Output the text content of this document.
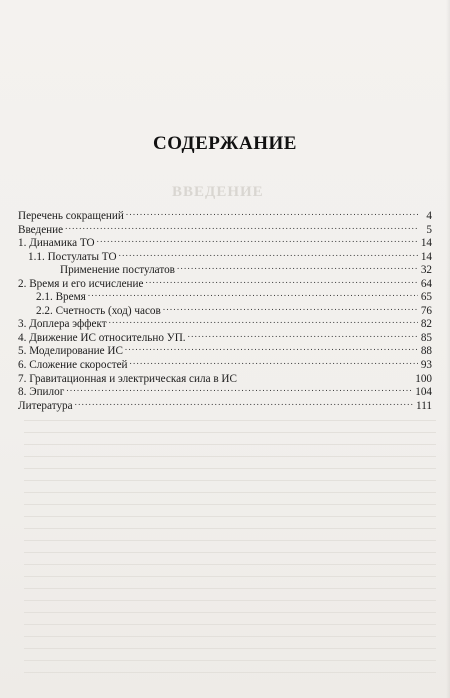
ВВЕДЕНИЕ
СОДЕРЖАНИЕ
Перечень сокращений . . .	4
Введение . . .	5
1. Динамика ТО . . .	14
1.1. Постулаты ТО . . .	14
Применение постулатов . . .	32
2. Время и его исчисление . . .	64
2.1. Время . . .	65
2.2. Счетность (ход) часов . . .	76
3. Доплера эффект . . .	82
4. Движение ИС относительно УП. . . .	85
5. Моделирование ИС . . .	88
6. Сложение скоростей . . .	93
7. Гравитационная и электрическая сила в ИС	100
8. Эпилог . . .	104
Литература . . .	111
